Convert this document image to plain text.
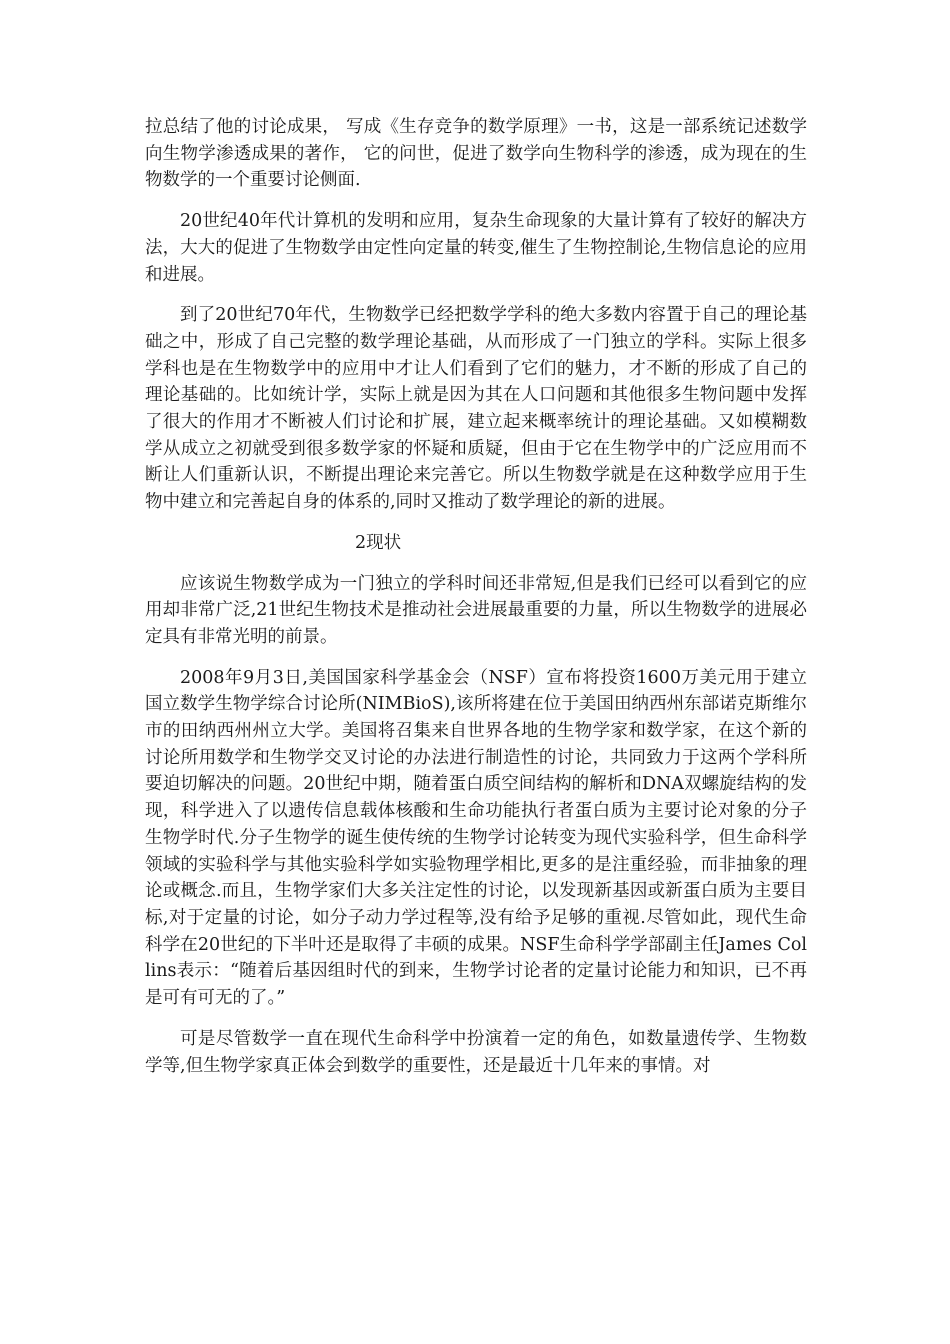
拉总结了他的讨论成果， 写成《生存竞争的数学原理》一书，这是一部系统记述数学向生物学渗透成果的著作， 它的问世，促进了数学向生物科学的渗透，成为现在的生物数学的一个重要讨论侧面.

20世纪40年代计算机的发明和应用，复杂生命现象的大量计算有了较好的解决方法，大大的促进了生物数学由定性向定量的转变,催生了生物控制论,生物信息论的应用和进展。

到了20世纪70年代，生物数学已经把数学学科的绝大多数内容置于自己的理论基础之中，形成了自己完整的数学理论基础，从而形成了一门独立的学科。实际上很多学科也是在生物数学中的应用中才让人们看到了它们的魅力，才不断的形成了自己的理论基础的。比如统计学，实际上就是因为其在人口问题和其他很多生物问题中发挥了很大的作用才不断被人们讨论和扩展，建立起来概率统计的理论基础。又如模糊数学从成立之初就受到很多数学家的怀疑和质疑，但由于它在生物学中的广泛应用而不断让人们重新认识，不断提出理论来完善它。所以生物数学就是在这种数学应用于生物中建立和完善起自身的体系的,同时又推动了数学理论的新的进展。

2现状

应该说生物数学成为一门独立的学科时间还非常短,但是我们已经可以看到它的应用却非常广泛,21世纪生物技术是推动社会进展最重要的力量，所以生物数学的进展必定具有非常光明的前景。

2008年9月3日,美国国家科学基金会（NSF）宣布将投资1600万美元用于建立国立数学生物学综合讨论所(NIMBioS),该所将建在位于美国田纳西州东部诺克斯维尔市的田纳西州州立大学。美国将召集来自世界各地的生物学家和数学家，在这个新的讨论所用数学和生物学交叉讨论的办法进行制造性的讨论，共同致力于这两个学科所要迫切解决的问题。20世纪中期，随着蛋白质空间结构的解析和DNA双螺旋结构的发现，科学进入了以遗传信息载体核酸和生命功能执行者蛋白质为主要讨论对象的分子生物学时代.分子生物学的诞生使传统的生物学讨论转变为现代实验科学，但生命科学领域的实验科学与其他实验科学如实验物理学相比,更多的是注重经验，而非抽象的理论或概念.而且，生物学家们大多关注定性的讨论，以发现新基因或新蛋白质为主要目标,对于定量的讨论，如分子动力学过程等,没有给予足够的重视.尽管如此，现代生命科学在20世纪的下半叶还是取得了丰硕的成果。NSF生命科学学部副主任James Collins表示：“随着后基因组时代的到来，生物学讨论者的定量讨论能力和知识，已不再是可有可无的了。”

可是尽管数学一直在现代生命科学中扮演着一定的角色，如数量遗传学、生物数学等,但生物学家真正体会到数学的重要性，还是最近十几年来的事情。对
